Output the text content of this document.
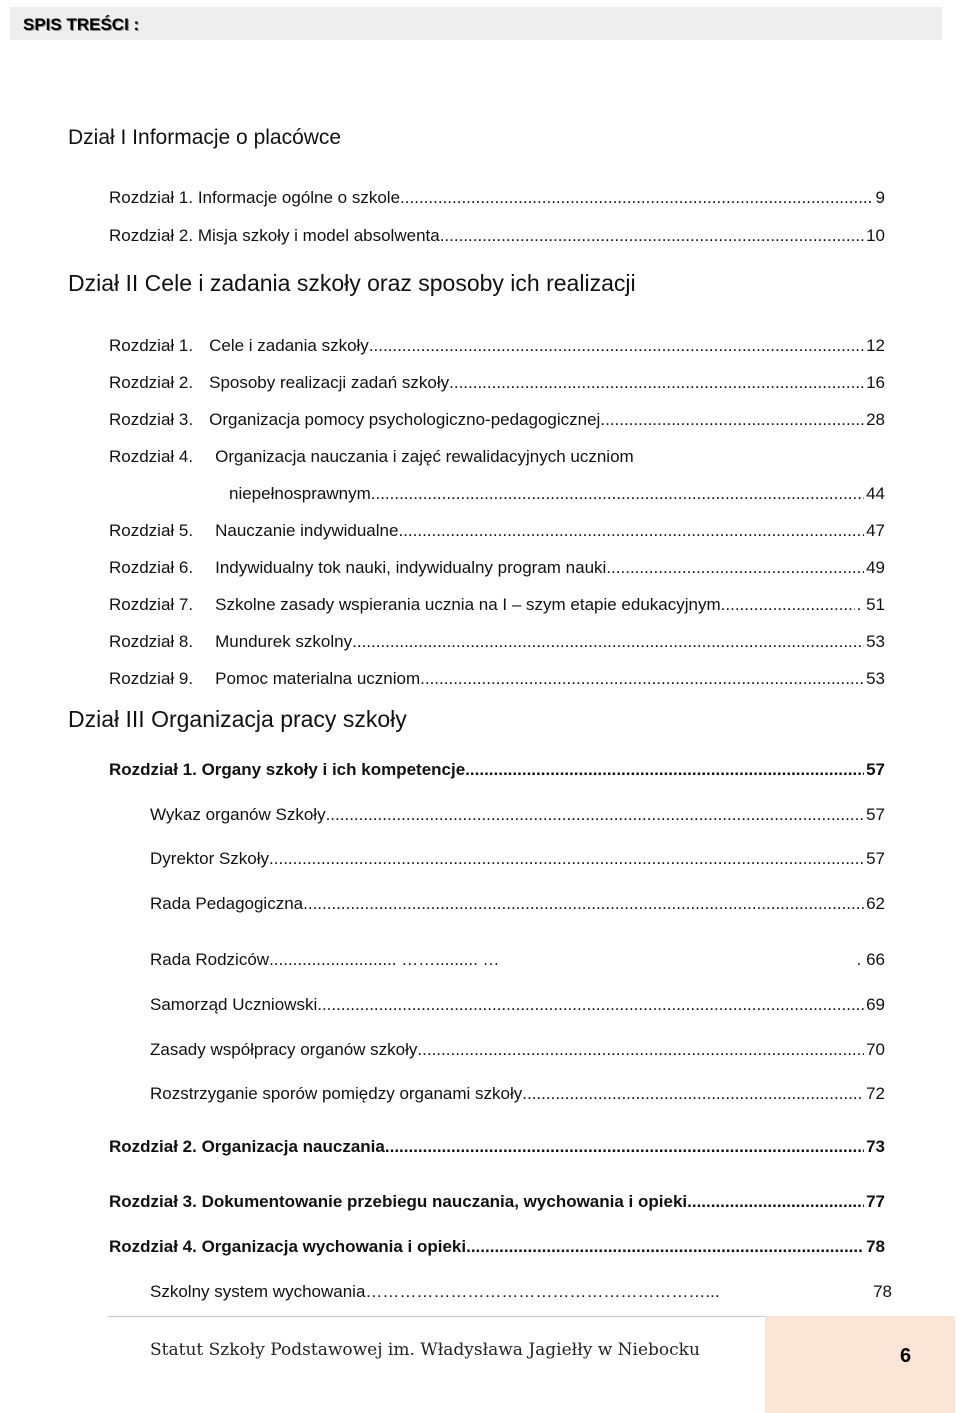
SPIS TREŚCI :
Dział I Informacje o placówce
Rozdział 1. Informacje ogólne o szkole .....	9
Rozdział 2. Misja szkoły i model absolwenta .....	10
Dział II Cele i zadania szkoły oraz sposoby ich realizacji
Rozdział 1. Cele i zadania szkoły .....	12
Rozdział 2. Sposoby realizacji zadań szkoły .....	16
Rozdział 3. Organizacja pomocy psychologiczno-pedagogicznej .....	28
Rozdział 4. Organizacja nauczania i zajęć rewalidacyjnych uczniom
niepełnosprawnym .....	44
Rozdział 5. Nauczanie indywidualne .....	47
Rozdział 6. Indywidualny tok nauki, indywidualny program nauki .....	49
Rozdział 7. Szkolne zasady wspierania ucznia na I – szym etapie edukacyjnym .....	. 51
Rozdział 8. Mundurek szkolny .....	53
Rozdział 9. Pomoc materialna uczniom .....	53
Dział III Organizacja pracy szkoły
Rozdział 1. Organy szkoły i ich kompetencje .....	57
Wykaz organów Szkoły .....	57
Dyrektor Szkoły .....	57
Rada Pedagogiczna .....	62
Rada Rodziców ........................... ……......... …	. 66
Samorząd Uczniowski .....	69
Zasady współpracy organów szkoły .....	70
Rozstrzyganie sporów pomiędzy organami szkoły .....	72
Rozdział 2. Organizacja nauczania .....	73
Rozdział 3. Dokumentowanie przebiegu nauczania, wychowania i opieki .....	77
Rozdział 4. Organizacja wychowania i opieki .....	78
Szkolny system wychowania ……………………………………………………...	78
Statut Szkoły Podstawowej im. Władysława Jagiełły w Niebocku	6
